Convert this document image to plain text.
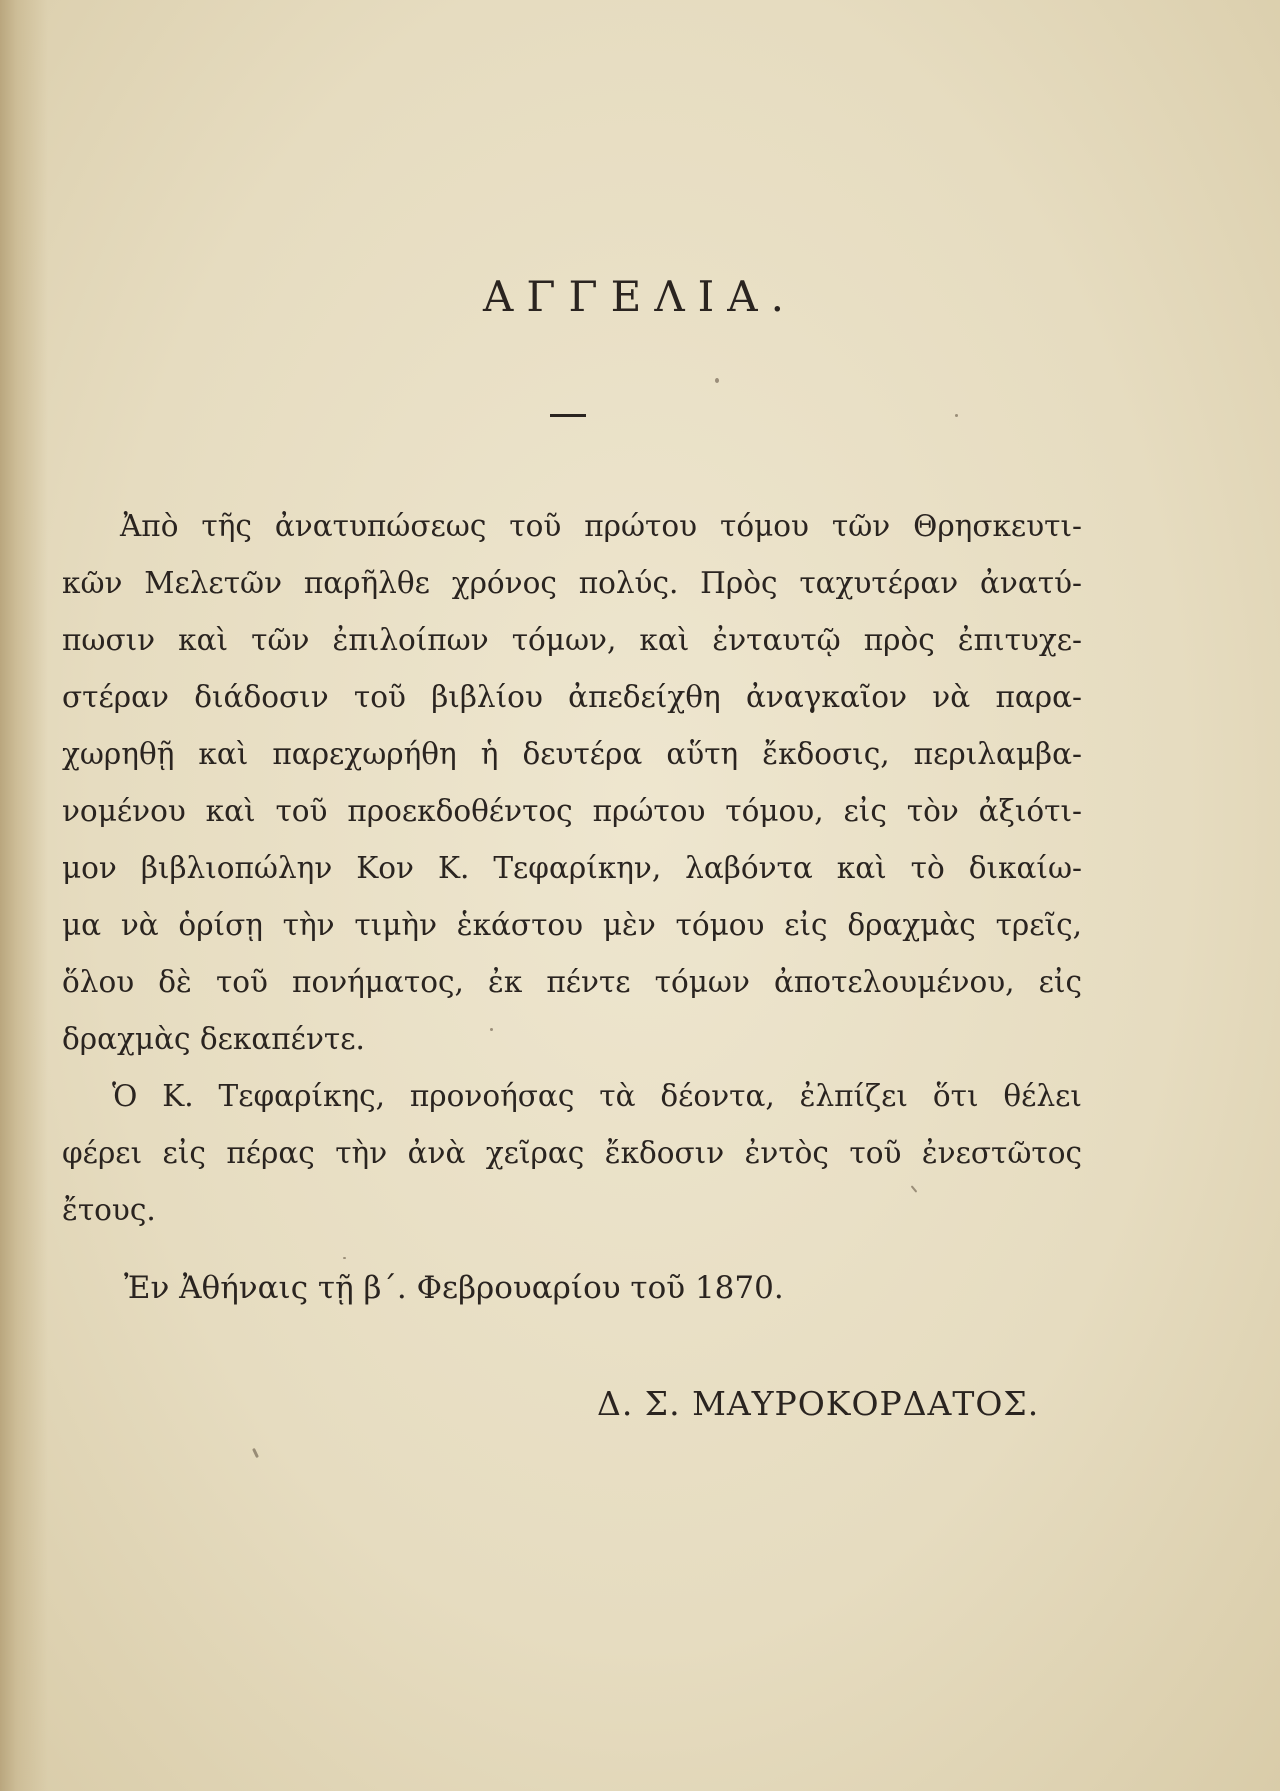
ΑΓΓΕΛΙΑ.
Ἀπὸ τῆς ἀνατυπώσεως τοῦ πρώτου τόμου τῶν Θρησκευτι-
κῶν Μελετῶν παρῆλθε χρόνος πολύς. Πρὸς ταχυτέραν ἀνατύ-
πωσιν καὶ τῶν ἐπιλοίπων τόμων, καὶ ἐνταυτῷ πρὸς ἐπιτυχε-
στέραν διάδοσιν τοῦ βιβλίου ἀπεδείχθη ἀναγκαῖον νὰ παρα-
χωρηθῇ καὶ παρεχωρήθη ἡ δευτέρα αὕτη ἔκδοσις, περιλαμβα-
νομένου καὶ τοῦ προεκδοθέντος πρώτου τόμου, εἰς τὸν ἀξιότι-
μον βιβλιοπώλην Κον Κ. Τεφαρίκην, λαβόντα καὶ τὸ δικαίω-
μα νὰ ὁρίσῃ τὴν τιμὴν ἑκάστου μὲν τόμου εἰς δραχμὰς τρεῖς,
ὅλου δὲ τοῦ πονήματος, ἐκ πέντε τόμων ἀποτελουμένου, εἰς
δραχμὰς δεκαπέντε.
Ὁ Κ. Τεφαρίκης, προνοήσας τὰ δέοντα, ἐλπίζει ὅτι θέλει
φέρει εἰς πέρας τὴν ἀνὰ χεῖρας ἔκδοσιν ἐντὸς τοῦ ἐνεστῶτος
ἔτους.
Ἐν Ἀθήναις τῇ β΄. Φεβρουαρίου τοῦ 1870.
Δ. Σ. ΜΑΥΡΟΚΟΡΔΑΤΟΣ.
